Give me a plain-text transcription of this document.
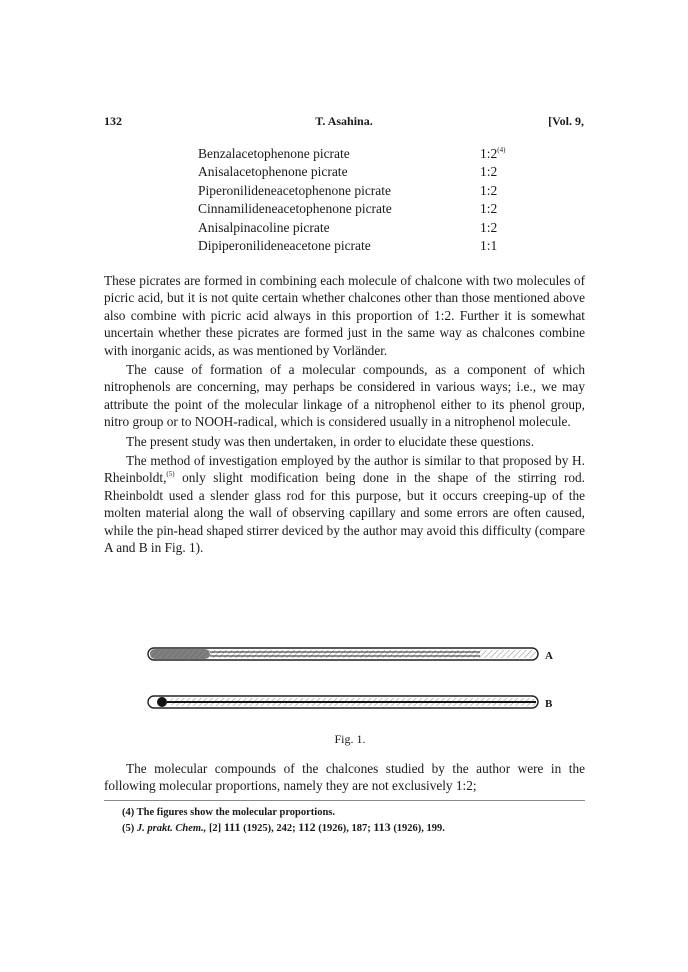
132	T. Asahina.	[Vol. 9,
Benzalacetophenone picrate	1:2$^{(4)}$
Anisalacetophenone picrate	1:2
Piperonilideneacetophenone picrate	1:2
Cinnamilideneacetophenone picrate	1:2
Anisalpinacoline picrate	1:2
Dipiperonilideneacetone picrate	1:1

These picrates are formed in combining each molecule of chalcone with two molecules of picric acid, but it is not quite certain whether chalcones other than those mentioned above also combine with picric acid always in this proportion of 1:2. Further it is somewhat uncertain whether these picrates are formed just in the same way as chalcones combine with inorganic acids, as was mentioned by Vorländer.

The cause of formation of a molecular compounds, as a component of which nitrophenols are concerning, may perhaps be considered in various ways; i.e., we may attribute the point of the molecular linkage of a nitrophenol either to its phenol group, nitro group or to NOOH-radical, which is considered usually in a nitrophenol molecule.

The present study was then undertaken, in order to elucidate these questions.

The method of investigation employed by the author is similar to that proposed by H. Rheinboldt,$^{(5)}$ only slight modification being done in the shape of the stirring rod. Rheinboldt used a slender glass rod for this purpose, but it occurs creeping-up of the molten material along the wall of observing capillary and some errors are often caused, while the pin-head shaped stirrer deviced by the author may avoid this difficulty (compare A and B in Fig. 1).

A
B
Fig. 1.

The molecular compounds of the chalcones studied by the author were in the following molecular proportions, namely they are not exclusively 1:2;

(4) The figures show the molecular proportions.
(5) J. prakt. Chem., [2] 111 (1925), 242; 112 (1926), 187; 113 (1926), 199.
